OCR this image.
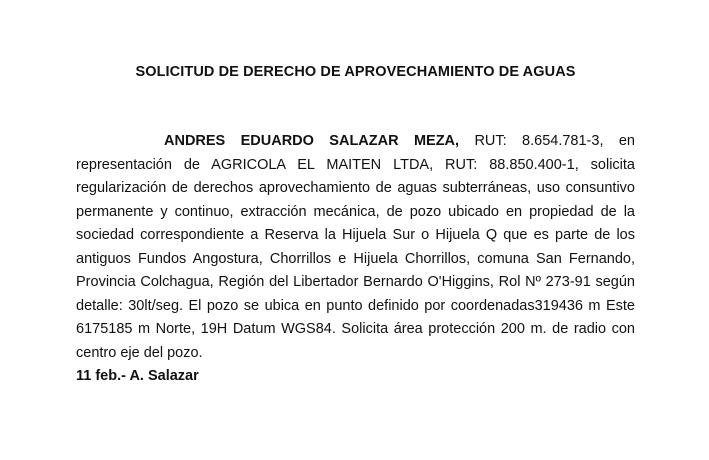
SOLICITUD DE DERECHO DE APROVECHAMIENTO DE AGUAS
ANDRES EDUARDO SALAZAR MEZA, RUT: 8.654.781-3, en representación de AGRICOLA EL MAITEN LTDA, RUT: 88.850.400-1, solicita regularización de derechos aprovechamiento de aguas subterráneas, uso consuntivo permanente y continuo, extracción mecánica, de pozo ubicado en propiedad de la sociedad correspondiente a Reserva la Hijuela Sur o Hijuela Q que es parte de los antiguos Fundos Angostura, Chorrillos e Hijuela Chorrillos, comuna San Fernando, Provincia Colchagua, Región del Libertador Bernardo O'Higgins, Rol Nº 273-91 según detalle: 30lt/seg. El pozo se ubica en punto definido por coordenadas319436 m Este 6175185 m Norte, 19H Datum WGS84. Solicita área protección 200 m. de radio con centro eje del pozo.
11 feb.- A. Salazar
